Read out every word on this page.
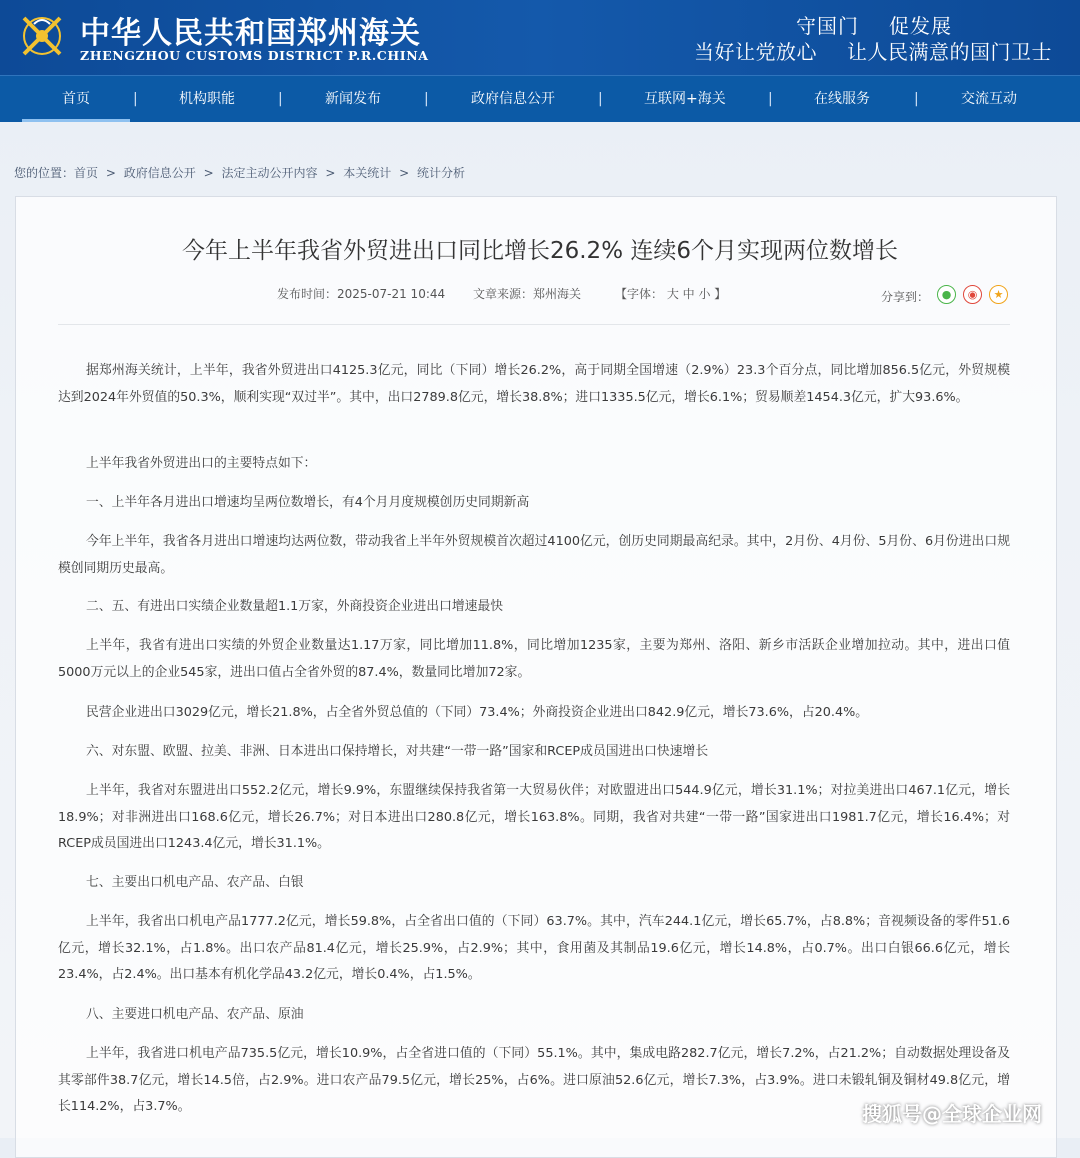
中华人民共和国郑州海关
ZHENGZHOU CUSTOMS DISTRICT P.R.CHINA
守国门 促发展
当好让党放心 让人民满意的国门卫士
首页	|	机构职能	|	新闻发布	|	政府信息公开	|	互联网+海关	|	在线服务	|	交流互动
您的位置：首页 > 政府信息公开 > 法定主动公开内容 > 本关统计 > 统计分析
今年上半年我省外贸进出口同比增长26.2% 连续6个月实现两位数增长
发布时间：2025-07-21 10:44 文章来源：郑州海关	【字体： 大 中 小 】	分享到：	●	◉	★
据郑州海关统计，上半年，我省外贸进出口4125.3亿元，同比（下同）增长26.2%，高于同期全国增速（2.9%）23.3个百分点，同比增加856.5亿元，外贸规模达到2024年外贸值的50.3%，顺利实现“双过半”。其中，出口2789.8亿元，增长38.8%；进口1335.5亿元，增长6.1%；贸易顺差1454.3亿元，扩大93.6%。
上半年我省外贸进出口的主要特点如下：
一、上半年各月进出口增速均呈两位数增长，有4个月月度规模创历史同期新高
今年上半年，我省各月进出口增速均达两位数，带动我省上半年外贸规模首次超过4100亿元，创历史同期最高纪录。其中，2月份、4月份、5月份、6月份进出口规模创同期历史最高。
二、五、有进出口实绩企业数量超1.1万家，外商投资企业进出口增速最快
上半年，我省有进出口实绩的外贸企业数量达1.17万家，同比增加11.8%，同比增加1235家，主要为郑州、洛阳、新乡市活跃企业增加拉动。其中，进出口值5000万元以上的企业545家，进出口值占全省外贸的87.4%，数量同比增加72家。
民营企业进出口3029亿元，增长21.8%，占全省外贸总值的（下同）73.4%；外商投资企业进出口842.9亿元，增长73.6%，占20.4%。
六、对东盟、欧盟、拉美、非洲、日本进出口保持增长，对共建“一带一路”国家和RCEP成员国进出口快速增长
上半年，我省对东盟进出口552.2亿元，增长9.9%，东盟继续保持我省第一大贸易伙伴；对欧盟进出口544.9亿元，增长31.1%；对拉美进出口467.1亿元，增长18.9%；对非洲进出口168.6亿元，增长26.7%；对日本进出口280.8亿元，增长163.8%。同期，我省对共建“一带一路”国家进出口1981.7亿元，增长16.4%；对RCEP成员国进出口1243.4亿元，增长31.1%。
七、主要出口机电产品、农产品、白银
上半年，我省出口机电产品1777.2亿元，增长59.8%，占全省出口值的（下同）63.7%。其中，汽车244.1亿元，增长65.7%，占8.8%；音视频设备的零件51.6亿元，增长32.1%，占1.8%。出口农产品81.4亿元，增长25.9%，占2.9%；其中，食用菌及其制品19.6亿元，增长14.8%，占0.7%。出口白银66.6亿元，增长23.4%，占2.4%。出口基本有机化学品43.2亿元，增长0.4%，占1.5%。
八、主要进口机电产品、农产品、原油
上半年，我省进口机电产品735.5亿元，增长10.9%，占全省进口值的（下同）55.1%。其中，集成电路282.7亿元，增长7.2%，占21.2%；自动数据处理设备及其零部件38.7亿元，增长14.5倍，占2.9%。进口农产品79.5亿元，增长25%，占6%。进口原油52.6亿元，增长7.3%，占3.9%。进口未锻轧铜及铜材49.8亿元，增长114.2%，占3.7%。	搜狐号@全球企业网
